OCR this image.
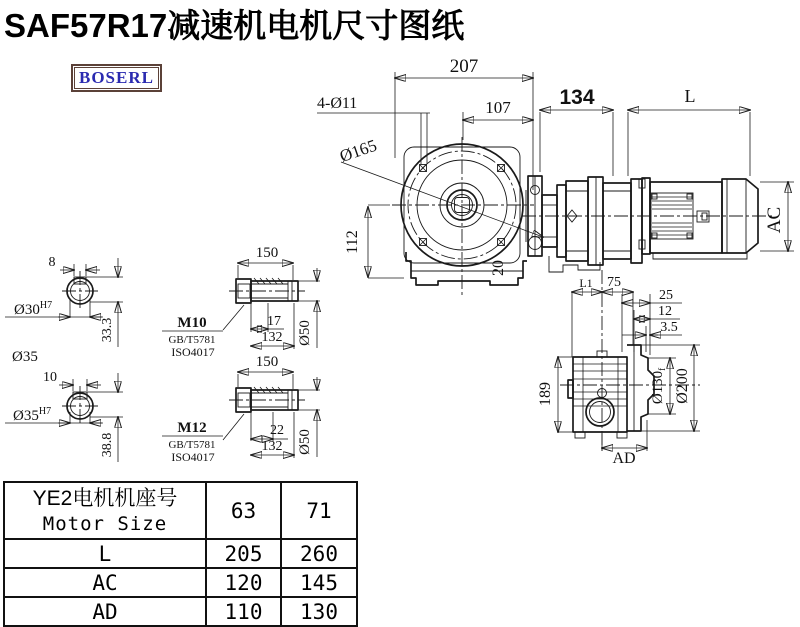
SAF57R17减速机电机尺寸图纸
BOSERL
207
107
4-Ø11
Ø165
112
20
134	L
AC
L1 75
25
12
3.5
189	$Ø130_f$ Ø200
AD
150
17
132 Ø50
M10
GB/T5781
ISO4017
150
22
132 Ø50
M12
GB/T5781
ISO4017
8
$Ø30^{H7}$
33.3
Ø35
10
$Ø35^{H7}$
38.8
YE2电机机座号
Motor Size	63	71
L	205	260
AC	120	145
AD	110	130
